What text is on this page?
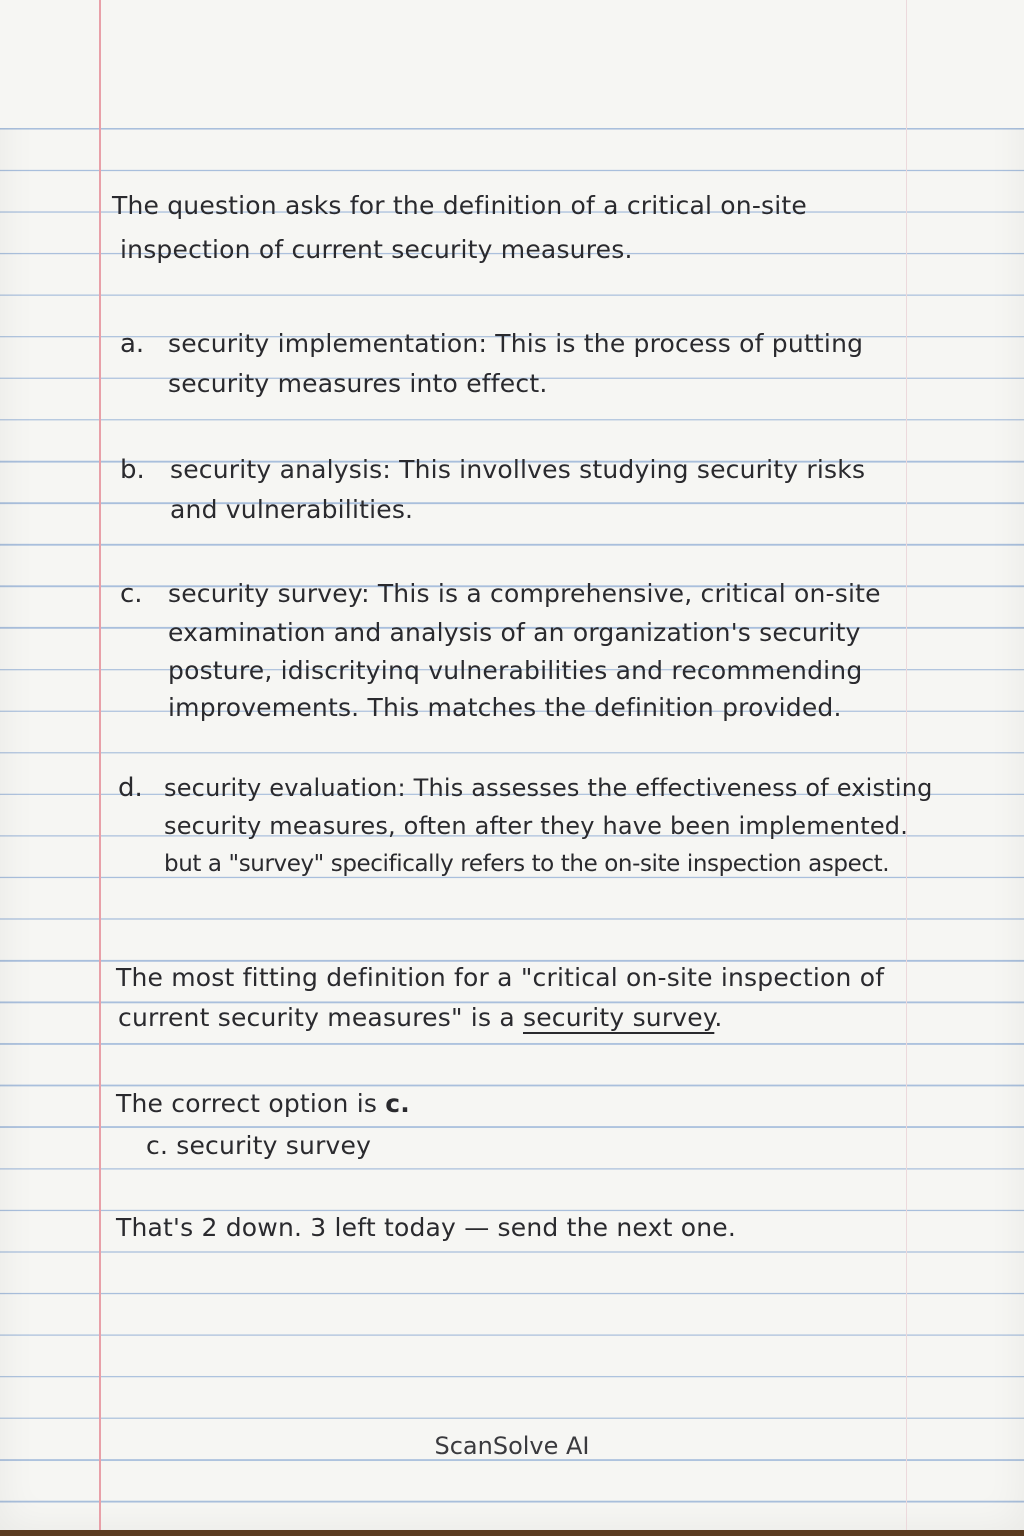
The question asks for the definition of a critical on-site

inspection of current security measures.

a. security implementation: This is the process of putting

security measures into effect.

b. security analysis: This invollves studying security risks

and vulnerabilities.

c. security survey: This is a comprehensive, critical on-site

examination and analysis of an organization's security

posture, idiscrityinq vulnerabilities and recommending

improvements. This matches the definition provided.

d. security evaluation: This assesses the effectiveness of existing

security measures, often after they have been implemented.

but a "survey" specifically refers to the on-site inspection aspect.

The most fitting definition for a "critical on-site inspection of

current security measures" is a security survey.

The correct option is c.

c. security survey

That's 2 down. 3 left today — send the next one.

ScanSolve AI
